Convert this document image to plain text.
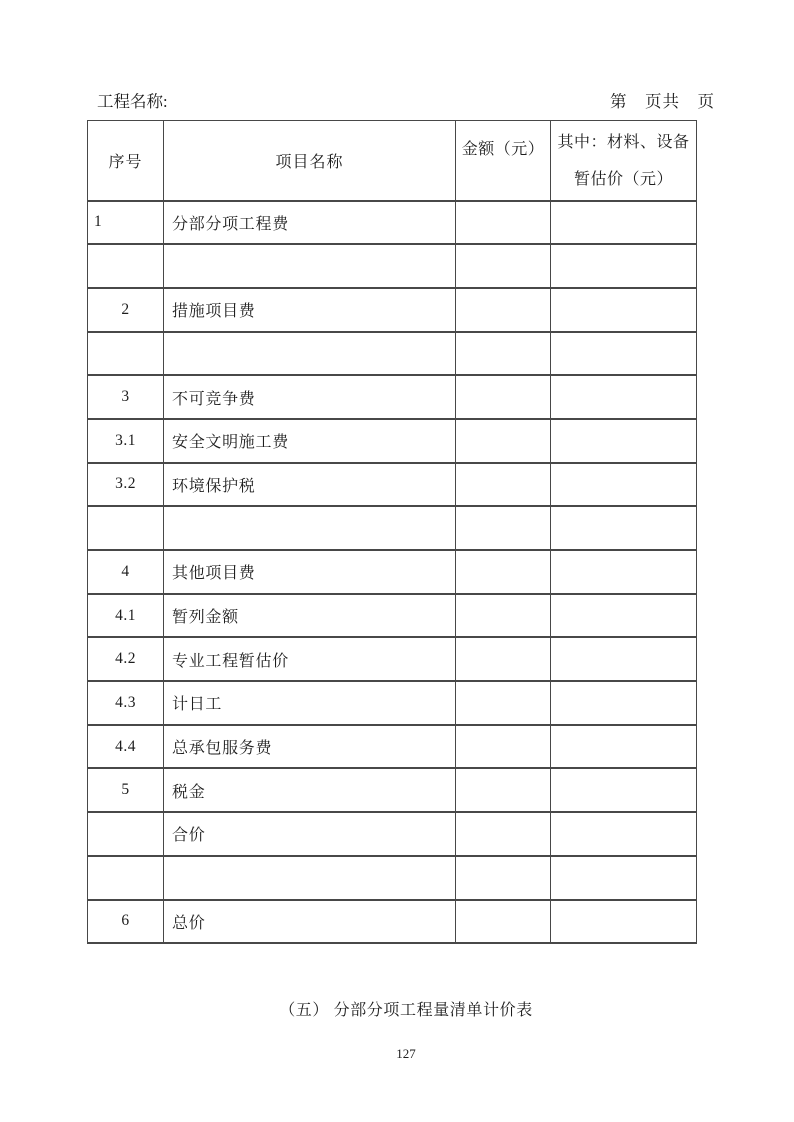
工程名称:	第　页共　页
序号	项目名称	金额（元）	其中：材料、设备
暂估价（元）

1	分部分项工程费		

2	措施项目费		

3	不可竞争费		
3.1	安全文明施工费		
3.2	环境保护税		

4	其他项目费		
4.1	暂列金额		
4.2	专业工程暂估价		
4.3	计日工		
4.4	总承包服务费		
5	税金		
	合价		

6	总价		
（五） 分部分项工程量清单计价表
127
